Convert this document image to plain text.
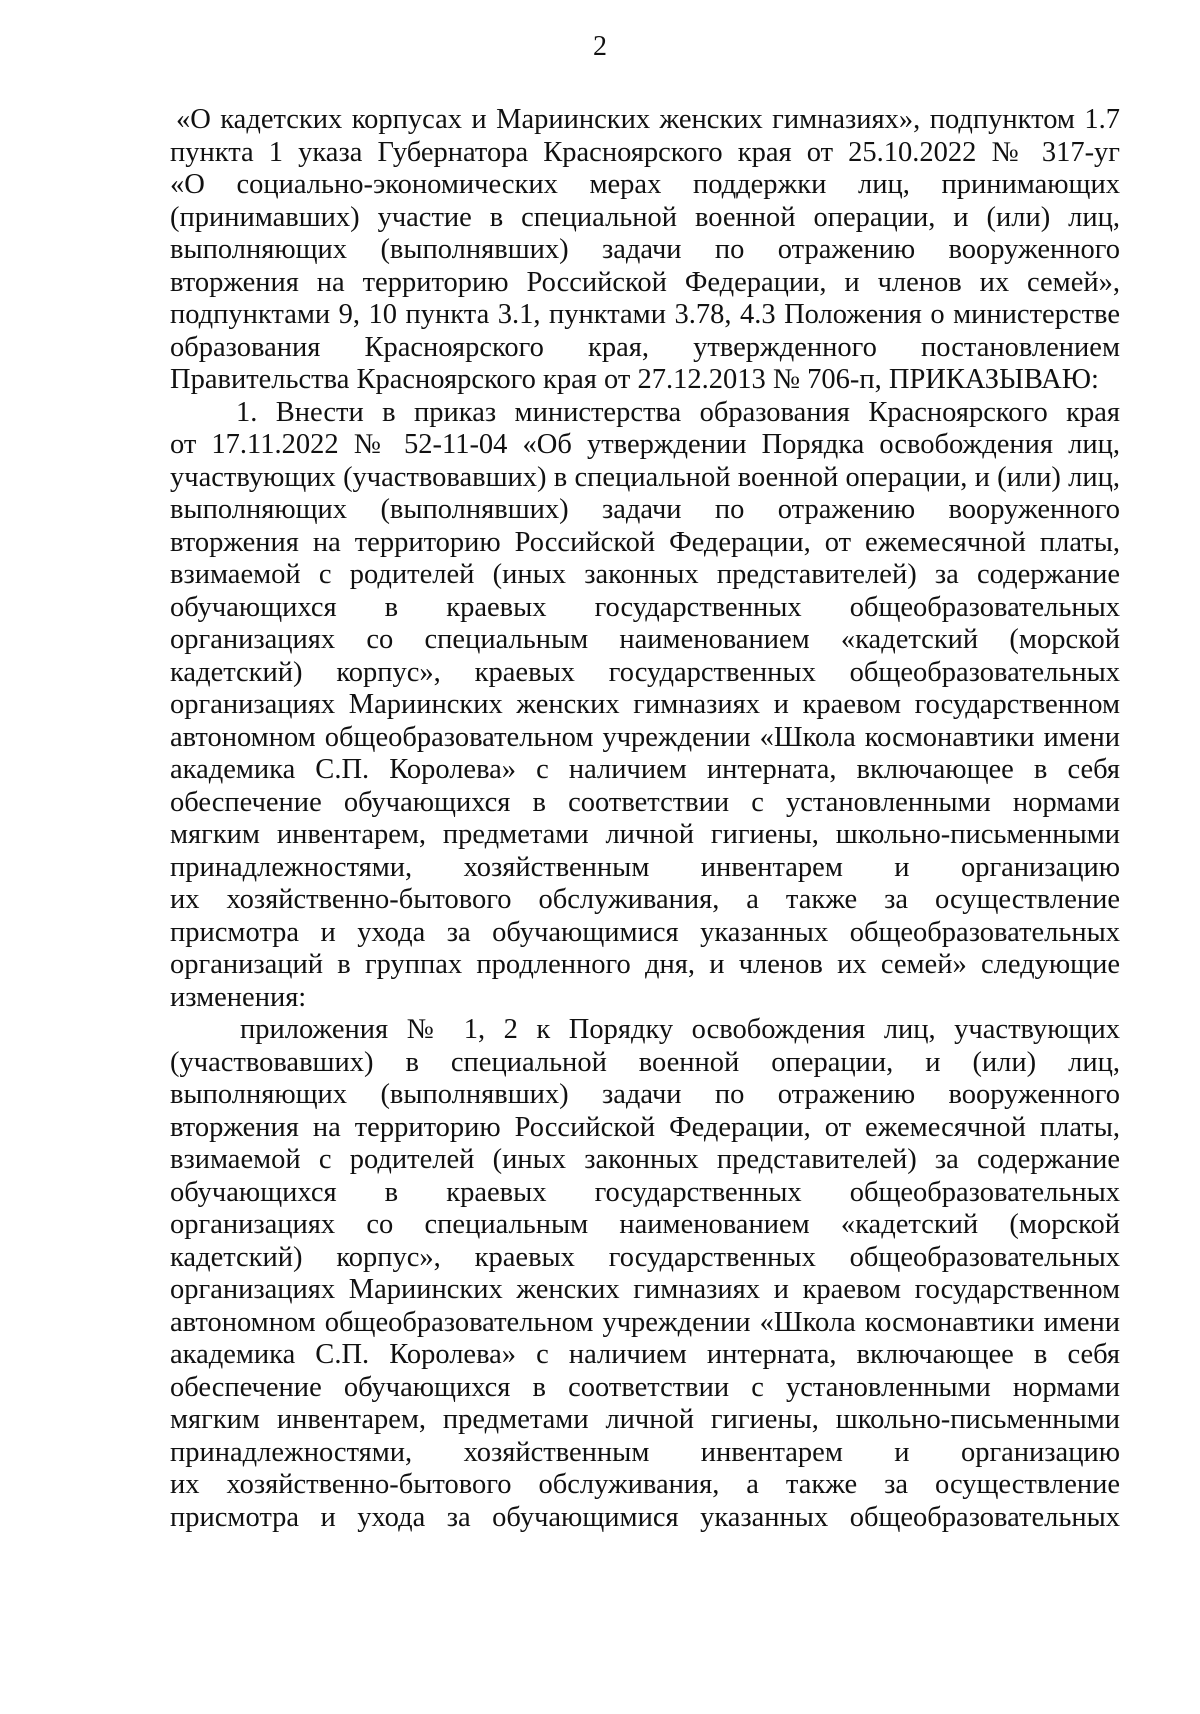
2
«О кадетских корпусах и Мариинских женских гимназиях», подпунктом 1.7
пункта 1 указа Губернатора Красноярского края от 25.10.2022 № 317-уг
«О социально-экономических мерах поддержки лиц, принимающих
(принимавших) участие в специальной военной операции, и (или) лиц,
выполняющих (выполнявших) задачи по отражению вооруженного
вторжения на территорию Российской Федерации, и членов их семей»,
подпунктами 9, 10 пункта 3.1, пунктами 3.78, 4.3 Положения о министерстве
образования Красноярского края, утвержденного постановлением
Правительства Красноярского края от 27.12.2013 № 706-п, ПРИКАЗЫВАЮ:
1. Внести в приказ министерства образования Красноярского края
от 17.11.2022 № 52-11-04 «Об утверждении Порядка освобождения лиц,
участвующих (участвовавших) в специальной военной операции, и (или) лиц,
выполняющих (выполнявших) задачи по отражению вооруженного
вторжения на территорию Российской Федерации, от ежемесячной платы,
взимаемой с родителей (иных законных представителей) за содержание
обучающихся в краевых государственных общеобразовательных
организациях со специальным наименованием «кадетский (морской
кадетский) корпус», краевых государственных общеобразовательных
организациях Мариинских женских гимназиях и краевом государственном
автономном общеобразовательном учреждении «Школа космонавтики имени
академика С.П. Королева» с наличием интерната, включающее в себя
обеспечение обучающихся в соответствии с установленными нормами
мягким инвентарем, предметами личной гигиены, школьно-письменными
принадлежностями, хозяйственным инвентарем и организацию
их хозяйственно-бытового обслуживания, а также за осуществление
присмотра и ухода за обучающимися указанных общеобразовательных
организаций в группах продленного дня, и членов их семей» следующие
изменения:
приложения № 1, 2 к Порядку освобождения лиц, участвующих
(участвовавших) в специальной военной операции, и (или) лиц,
выполняющих (выполнявших) задачи по отражению вооруженного
вторжения на территорию Российской Федерации, от ежемесячной платы,
взимаемой с родителей (иных законных представителей) за содержание
обучающихся в краевых государственных общеобразовательных
организациях со специальным наименованием «кадетский (морской
кадетский) корпус», краевых государственных общеобразовательных
организациях Мариинских женских гимназиях и краевом государственном
автономном общеобразовательном учреждении «Школа космонавтики имени
академика С.П. Королева» с наличием интерната, включающее в себя
обеспечение обучающихся в соответствии с установленными нормами
мягким инвентарем, предметами личной гигиены, школьно-письменными
принадлежностями, хозяйственным инвентарем и организацию
их хозяйственно-бытового обслуживания, а также за осуществление
присмотра и ухода за обучающимися указанных общеобразовательных
